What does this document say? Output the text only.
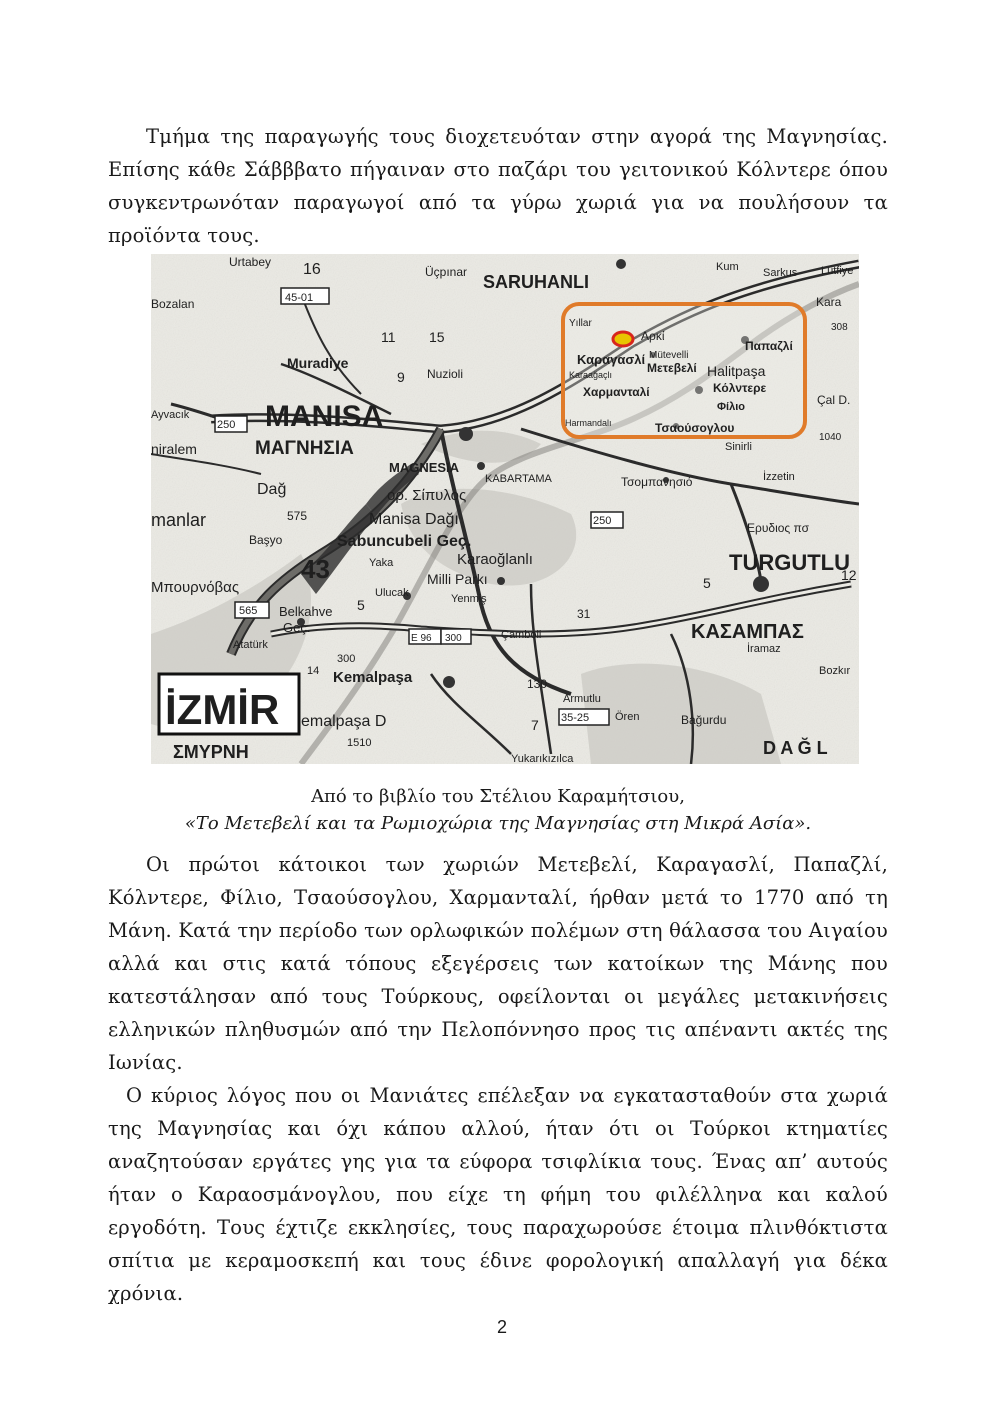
Τμήμα της παραγωγής τους διοχετευόταν στην αγορά της Μαγνησίας. Επίσης κάθε Σάβββατο πήγαιναν στο παζάρι του γειτονικού Κόλντερε όπου συγκεντρωνόταν παραγωγοί από τα γύρω χωριά για να πουλήσουν τα προϊόντα τους.

Urtabey 16
45-01
Üçpınar SARUHANLI
Kum Sarkus Lütfiye
Kara
308
Bozalan
11 15
Muradiye
9 Nuzioli
Ayvacık
250 MANISA
niralem	ΜΑΓΝΗΣΙΑ
MAGNESIA
KABARTAMA
ορ. Σίπυλος
Dağ
575	Manisa Dağı	250
Τσομπανησιό	İzzetin
Ερυδιος πσ
manlar
Başyo	Sabuncubeli Geç.
Yaka	Karaoğlanlı
Milli Parkı
43	TURGUTLU
5	12
Μπουρνόβας	Ulucak	Yenmiş
565 Belkahve
Geç.
5
31
ΚΑΣΑΜΠΑΣ
İramaz
Bozkır
E 96 300	Çamboli
Atatürk
300
Kemalpaşa
14
130
Armutlu
35-25 Ören	Bağurdu
Yukarıkızılca
D A Ğ L
emalpaşa D
1510
7
Çal D.
1040
Sinirli
İZMİR
ΣΜΥΡΝΗ
Yıllar
Αρκί
Mütevelli
Μετεβελί
Παπαζλί
Καραγασλί
Karaağaçlı	Halitpaşa
Κόλντερε
Χαρμανταλί
Φίλιο
Τσαούσογλου
Harmandalı
Από το βιβλίο του Στέλιου Καραμήτσιου,
«Το Μετεβελί και τα Ρωμιοχώρια της Μαγνησίας στη Μικρά Ασία».

Οι πρώτοι κάτοικοι των χωριών Μετεβελί, Καραγασλί, Παπαζλί, Κόλντερε, Φίλιο, Τσαούσογλου, Χαρμανταλί, ήρθαν μετά το 1770 από τη Μάνη. Κατά την περίοδο των ορλωφικών πολέμων στη θάλασσα του Αιγαίου αλλά και στις κατά τόπους εξεγέρσεις των κατοίκων της Μάνης που κατεστάλησαν από τους Τούρκους, οφείλονται οι μεγάλες μετακινήσεις ελληνικών πληθυσμών από την Πελοπόννησο προς τις απέναντι ακτές της Ιωνίας.

Ο κύριος λόγος που οι Μανιάτες επέλεξαν να εγκατασταθούν στα χωριά της Μαγνησίας και όχι κάπου αλλού, ήταν ότι οι Τούρκοι κτηματίες αναζητούσαν εργάτες γης για τα εύφορα τσιφλίκια τους. Ένας απ’ αυτούς ήταν ο Καραοσμάνογλου, που είχε τη φήμη του φιλέλληνα και καλού εργοδότη. Τους έχτιζε εκκλησίες, τους παραχωρούσε έτοιμα πλινθόκτιστα σπίτια με κεραμοσκεπή και τους έδινε φορολογική απαλλαγή για δέκα χρόνια.

2
